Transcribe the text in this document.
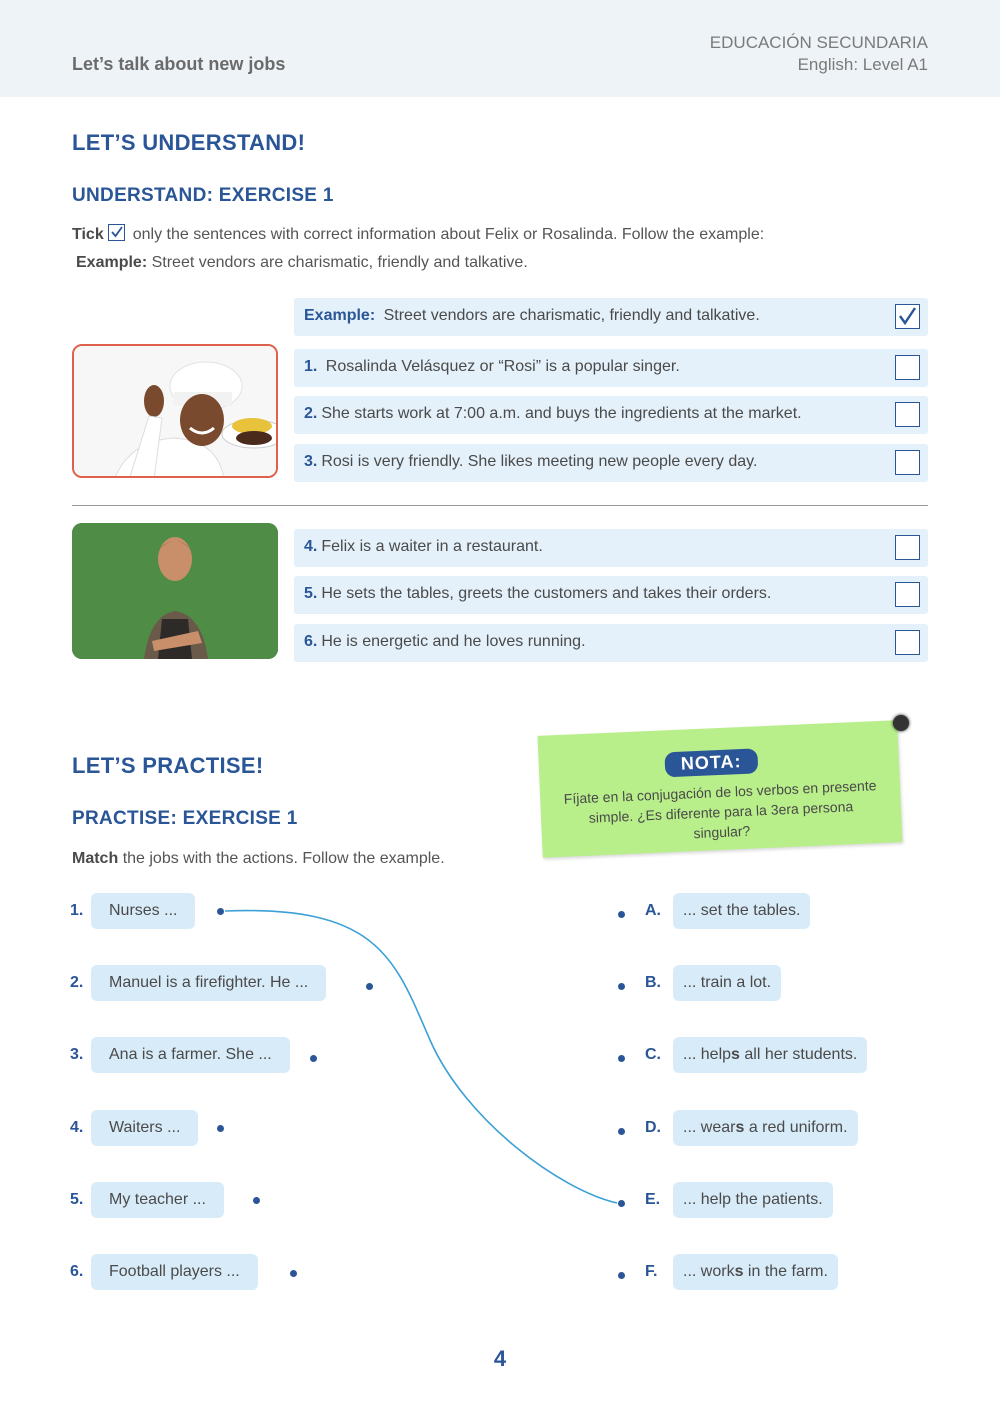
Let’s talk about new jobs
EDUCACIÓN SECUNDARIA
English: Level A1
LET’S UNDERSTAND!
UNDERSTAND: EXERCISE 1
Tick only the sentences with correct information about Felix or Rosalinda. Follow the example:
Example: Street vendors are charismatic, friendly and talkative.
Example: Street vendors are charismatic, friendly and talkative.
1. Rosalinda Velásquez or “Rosi” is a popular singer.
2. She starts work at 7:00 a.m. and buys the ingredients at the market.
3. Rosi is very friendly. She likes meeting new people every day.
4. Felix is a waiter in a restaurant.
5. He sets the tables, greets the customers and takes their orders.
6. He is energetic and he loves running.
LET’S PRACTISE!
PRACTISE: EXERCISE 1
Match the jobs with the actions. Follow the example.
NOTA:
Fíjate en la conjugación de los verbos en presente simple. ¿Es diferente para la 3era persona singular?
1.	Nurses ...
2.	Manuel is a firefighter. He ...
3.	Ana is a farmer. She ...
4.	Waiters ...
5.	My teacher ...
6.	Football players ...
A.	... set the tables.
B.	... train a lot.
C.	... helps all her students.
D.	... wears a red uniform.
E.	... help the patients.
F.	... works in the farm.
4
